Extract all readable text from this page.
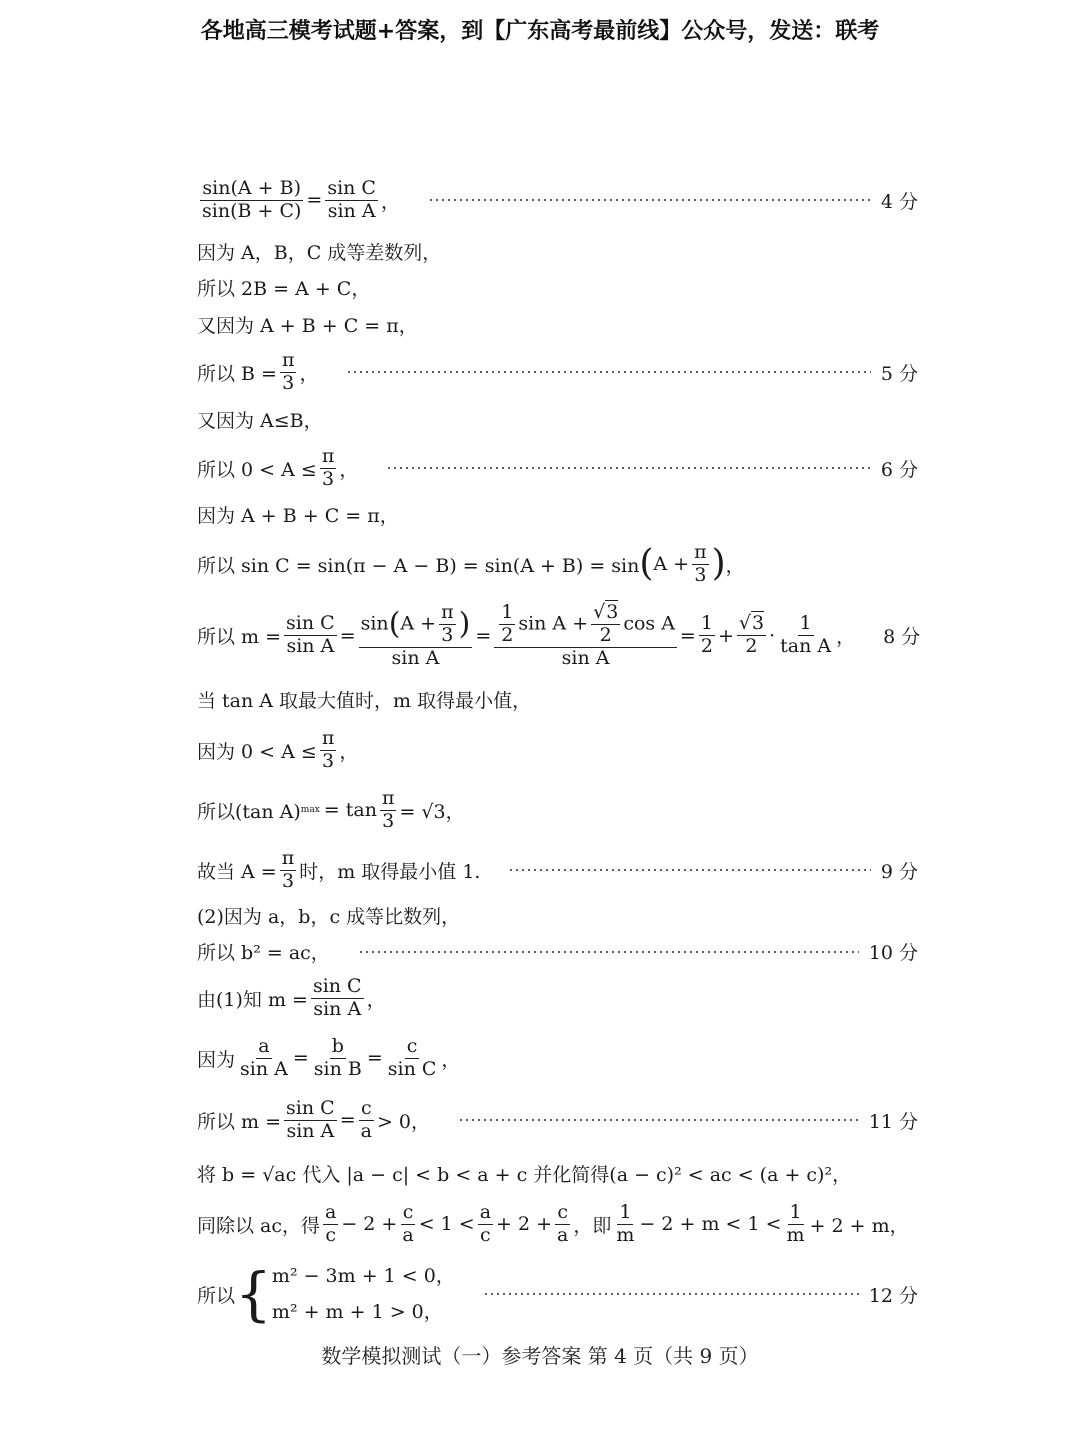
各地高三模考试题+答案，到【广东高考最前线】公众号，发送：联考
$\frac{\sin(A + B)}{\sin(B + C)} = \frac{\text{sin C}}{\text{sin A}}$ ，	4 分
因为 A，B，C 成等差数列，
所以 2B = A + C，
又因为 A + B + C = π，
所以 $B = \frac{\pi}{3}$ ，	5 分
又因为 A≤B，
所以 $0 < A \le \frac{\pi}{3}$ ，	6 分
因为 A + B + C = π，
所以 sin C = sin(π − A − B) = sin(A + B) = sin ( $A + \frac{\pi}{3}$ ) ，
所以 $m = \frac{\text{sin C}}{\text{sin A}} = \frac{\sin(A + \frac{\pi}{3} )}{\text{sin A}} = \frac{\frac{1}{2} \sin A + \frac{√3}{2} \cos A}{\text{sin A}} = \frac{1}{2} + \frac{√3}{2} \cdot \frac{1}{\text{tan A}}$ ， 8 分
当 tan A 取最大值时，m 取得最小值，
因为 $0 < A \le \frac{\pi}{3}$ ，
所以(tan A) $\max = \tan \frac{\pi}{3} = √3$，
故当 $A = \frac{\pi}{3}$ 时，m 取得最小值 1.	9 分
(2)因为 a，b，c 成等比数列，
所以 b² = ac，	10 分
由(1)知 $m = \frac{\text{sin C}}{\text{sin A}}$ ，
因为 $\frac{a}{\text{sin A}} = \frac{b}{\text{sin B}} = \frac{c}{\text{sin C}}$ ，
所以 $m = \frac{\text{sin C}}{\text{sin A}} = \frac{c}{a} > 0$，	11 分
将 b = √ac 代入 |a − c| < b < a + c 并化简得(a − c)² < ac < (a + c)²，
同除以 ac，得 $\frac{a}{c} - 2 + \frac{c}{a} < 1 < \frac{a}{c} + 2 + \frac{c}{a}$ ，即 $\frac{1}{m} - 2 + m < 1 < \frac{1}{m} + 2 + m$，
所以 { m² − 3m + 1 < 0，
m² + m + 1 > 0，
12 分
数学模拟测试（一）参考答案 第 4 页（共 9 页）
